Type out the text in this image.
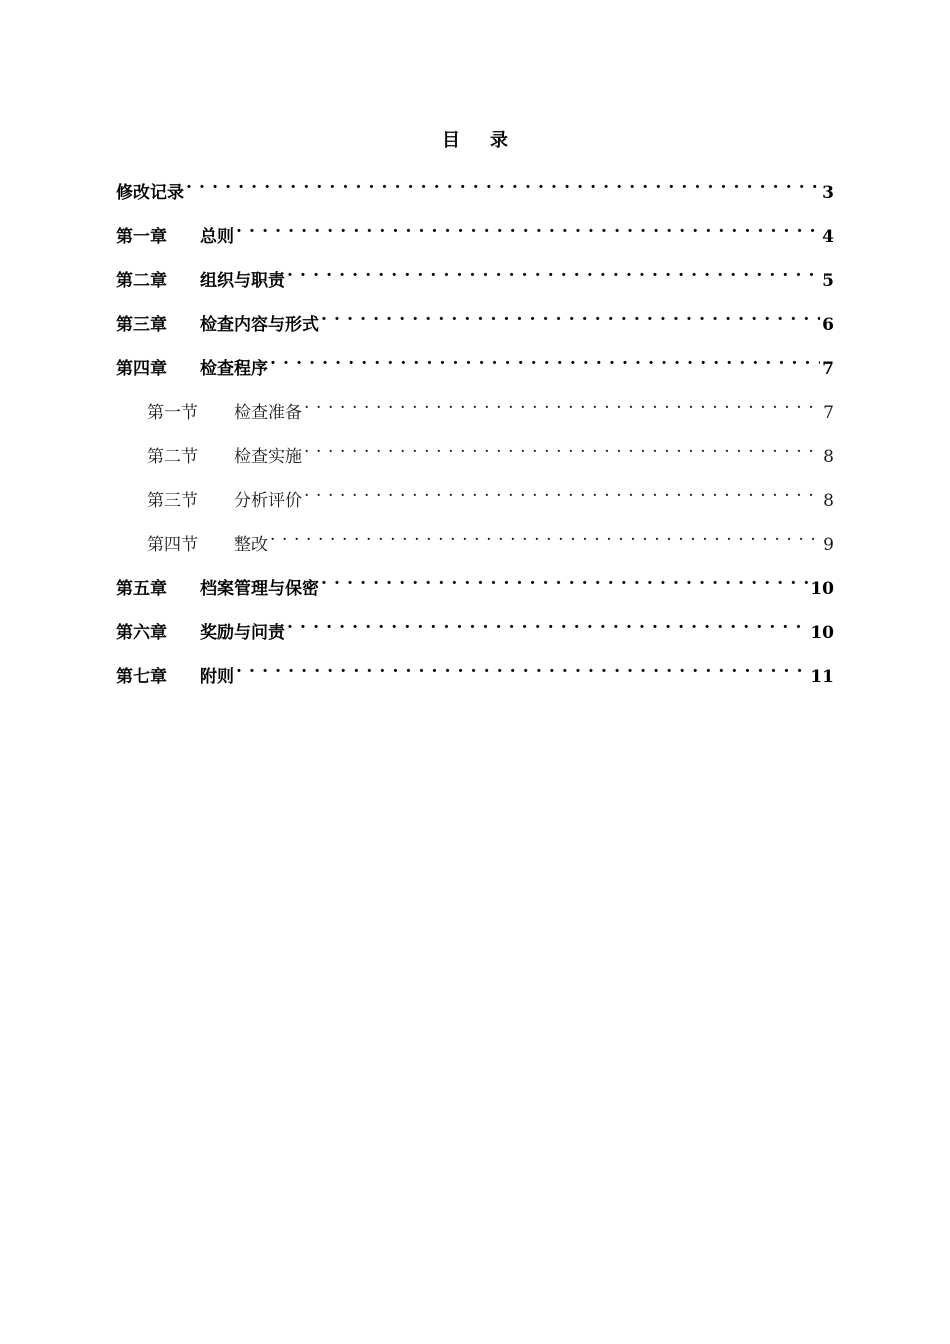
目 录
修改记录 . . .	3
第一章	总则 . . .	4
第二章	组织与职责 . . .	5
第三章	检查内容与形式 . . .	6
第四章	检查程序 . . .	7
第一节	检查准备 . . .	7
第二节	检查实施 . . .	8
第三节	分析评价 . . .	8
第四节	整改 . . .	9
第五章	档案管理与保密 . . .	10
第六章	奖励与问责 . . .	10
第七章	附则 . . .	11
